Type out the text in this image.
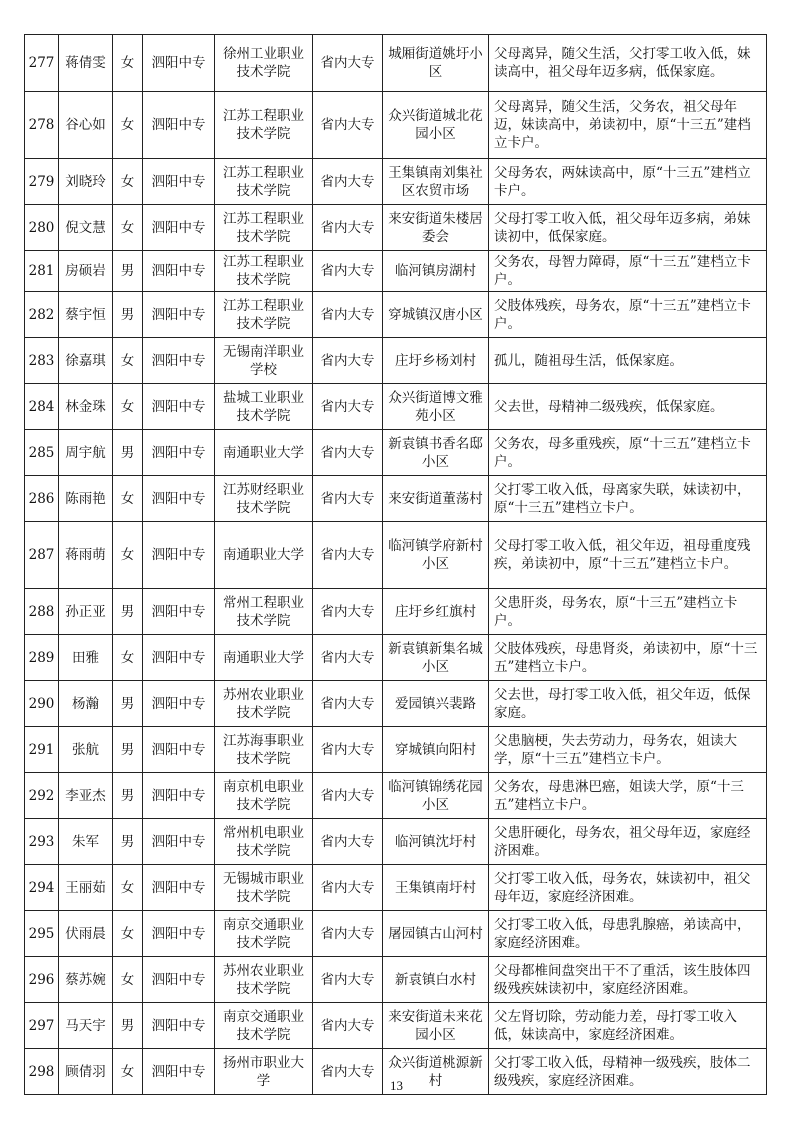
277	蒋倩雯	女	泗阳中专	徐州工业职业技术学院	省内大专	城厢街道姚圩小区	父母离异，随父生活，父打零工收入低，妹读高中，祖父母年迈多病，低保家庭。
278	谷心如	女	泗阳中专	江苏工程职业技术学院	省内大专	众兴街道城北花园小区	父母离异，随父生活，父务农，祖父母年迈，妹读高中，弟读初中，原“十三五”建档立卡户。
279	刘晓玲	女	泗阳中专	江苏工程职业技术学院	省内大专	王集镇南刘集社区农贸市场	父母务农，两妹读高中，原“十三五”建档立卡户。
280	倪文慧	女	泗阳中专	江苏工程职业技术学院	省内大专	来安街道朱楼居委会	父母打零工收入低，祖父母年迈多病，弟妹读初中，低保家庭。
281	房硕岩	男	泗阳中专	江苏工程职业技术学院	省内大专	临河镇房湖村	父务农，母智力障碍，原“十三五”建档立卡户。
282	蔡宇恒	男	泗阳中专	江苏工程职业技术学院	省内大专	穿城镇汉唐小区	父肢体残疾，母务农，原“十三五”建档立卡户。
283	徐嘉琪	女	泗阳中专	无锡南洋职业学校	省内大专	庄圩乡杨刘村	孤儿，随祖母生活，低保家庭。
284	林金珠	女	泗阳中专	盐城工业职业技术学院	省内大专	众兴街道博文雅苑小区	父去世，母精神二级残疾，低保家庭。
285	周宇航	男	泗阳中专	南通职业大学	省内大专	新袁镇书香名邸小区	父务农，母多重残疾，原“十三五”建档立卡户。
286	陈雨艳	女	泗阳中专	江苏财经职业技术学院	省内大专	来安街道董荡村	父打零工收入低，母离家失联，妹读初中，原“十三五”建档立卡户。
287	蒋雨萌	女	泗阳中专	南通职业大学	省内大专	临河镇学府新村小区	父母打零工收入低，祖父年迈，祖母重度残疾，弟读初中，原“十三五”建档立卡户。
288	孙正亚	男	泗阳中专	常州工程职业技术学院	省内大专	庄圩乡红旗村	父患肝炎，母务农，原“十三五”建档立卡户。
289	田雅	女	泗阳中专	南通职业大学	省内大专	新袁镇新集名城小区	父肢体残疾，母患肾炎，弟读初中，原“十三五”建档立卡户。
290	杨瀚	男	泗阳中专	苏州农业职业技术学院	省内大专	爱园镇兴裴路	父去世，母打零工收入低，祖父年迈，低保家庭。
291	张航	男	泗阳中专	江苏海事职业技术学院	省内大专	穿城镇向阳村	父患脑梗，失去劳动力，母务农，姐读大学，原“十三五”建档立卡户。
292	李亚杰	男	泗阳中专	南京机电职业技术学院	省内大专	临河镇锦绣花园小区	父务农，母患淋巴癌，姐读大学，原“十三五”建档立卡户。
293	朱军	男	泗阳中专	常州机电职业技术学院	省内大专	临河镇沈圩村	父患肝硬化，母务农，祖父母年迈，家庭经济困难。
294	王丽茹	女	泗阳中专	无锡城市职业技术学院	省内大专	王集镇南圩村	父打零工收入低，母务农，妹读初中，祖父母年迈，家庭经济困难。
295	伏雨晨	女	泗阳中专	南京交通职业技术学院	省内大专	屠园镇古山河村	父打零工收入低，母患乳腺癌，弟读高中，家庭经济困难。
296	蔡苏婉	女	泗阳中专	苏州农业职业技术学院	省内大专	新袁镇白水村	父母都椎间盘突出干不了重活，该生肢体四级残疾妹读初中，家庭经济困难。
297	马天宇	男	泗阳中专	南京交通职业技术学院	省内大专	来安街道未来花园小区	父左肾切除，劳动能力差，母打零工收入低，妹读高中，家庭经济困难。
298	顾倩羽	女	泗阳中专	扬州市职业大学	省内大专	众兴街道桃源新村	父打零工收入低，母精神一级残疾，肢体二级残疾，家庭经济困难。
13
